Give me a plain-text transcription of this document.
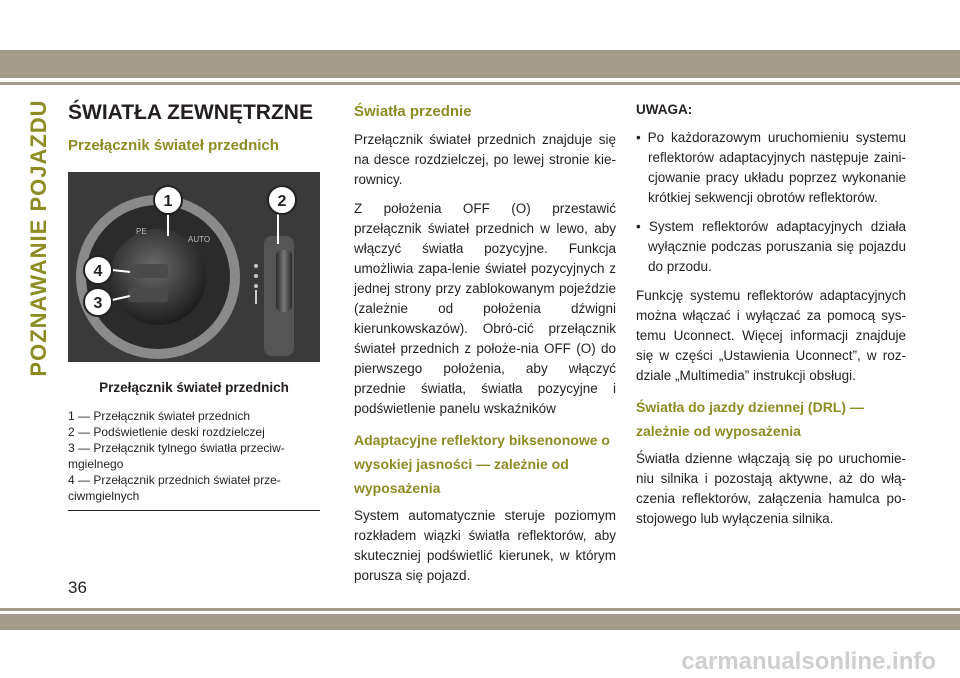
POZNAWANIE POJAZDU ŚWIATŁA ZEWNĘTRZNE
Przełącznik świateł przednich
PE
AUTO
1	2
3
4
Przełącznik świateł przednich
1 — Przełącznik świateł przednich
2 — Podświetlenie deski rozdzielczej
3 — Przełącznik tylnego światła przeciw-mgielnego
4 — Przełącznik przednich świateł prze-ciwmgielnych
Światła przednie

Przełącznik świateł przednich znajduje się na desce rozdzielczej, po lewej stronie kie-rownicy.

Z położenia OFF (O) przestawić przełącznik świateł przednich w lewo, aby włączyć światła pozycyjne. Funkcja umożliwia zapa-lenie świateł pozycyjnych z jednej strony przy zablokowanym pojeździe (zależnie od położenia dźwigni kierunkowskazów). Obró-cić przełącznik świateł przednich z położe-nia OFF (O) do pierwszego położenia, aby włączyć przednie światła, światła pozycyjne i podświetlenie panelu wskaźników

Adaptacyjne reflektory biksenonowe o wysokiej jasności — zależnie od wyposażenia

System automatycznie steruje poziomym rozkładem wiązki światła reflektorów, aby skuteczniej podświetlić kierunek, w którym porusza się pojazd.

UWAGA:
• Po każdorazowym uruchomieniu systemu reflektorów adaptacyjnych następuje zaini-cjowanie pracy układu poprzez wykonanie krótkiej sekwencji obrotów reflektorów.
• System reflektorów adaptacyjnych działa wyłącznie podczas poruszania się pojazdu do przodu.

Funkcję systemu reflektorów adaptacyjnych można włączać i wyłączać za pomocą sys-temu Uconnect. Więcej informacji znajduje się w części „Ustawienia Uconnect”, w roz-dziale „Multimedia” instrukcji obsługi.

Światła do jazdy dziennej (DRL) — zależnie od wyposażenia

Światła dzienne włączają się po uruchomie-niu silnika i pozostają aktywne, aż do włą-czenia reflektorów, załączenia hamulca po-stojowego lub wyłączenia silnika.

36
carmanualsonline.info
